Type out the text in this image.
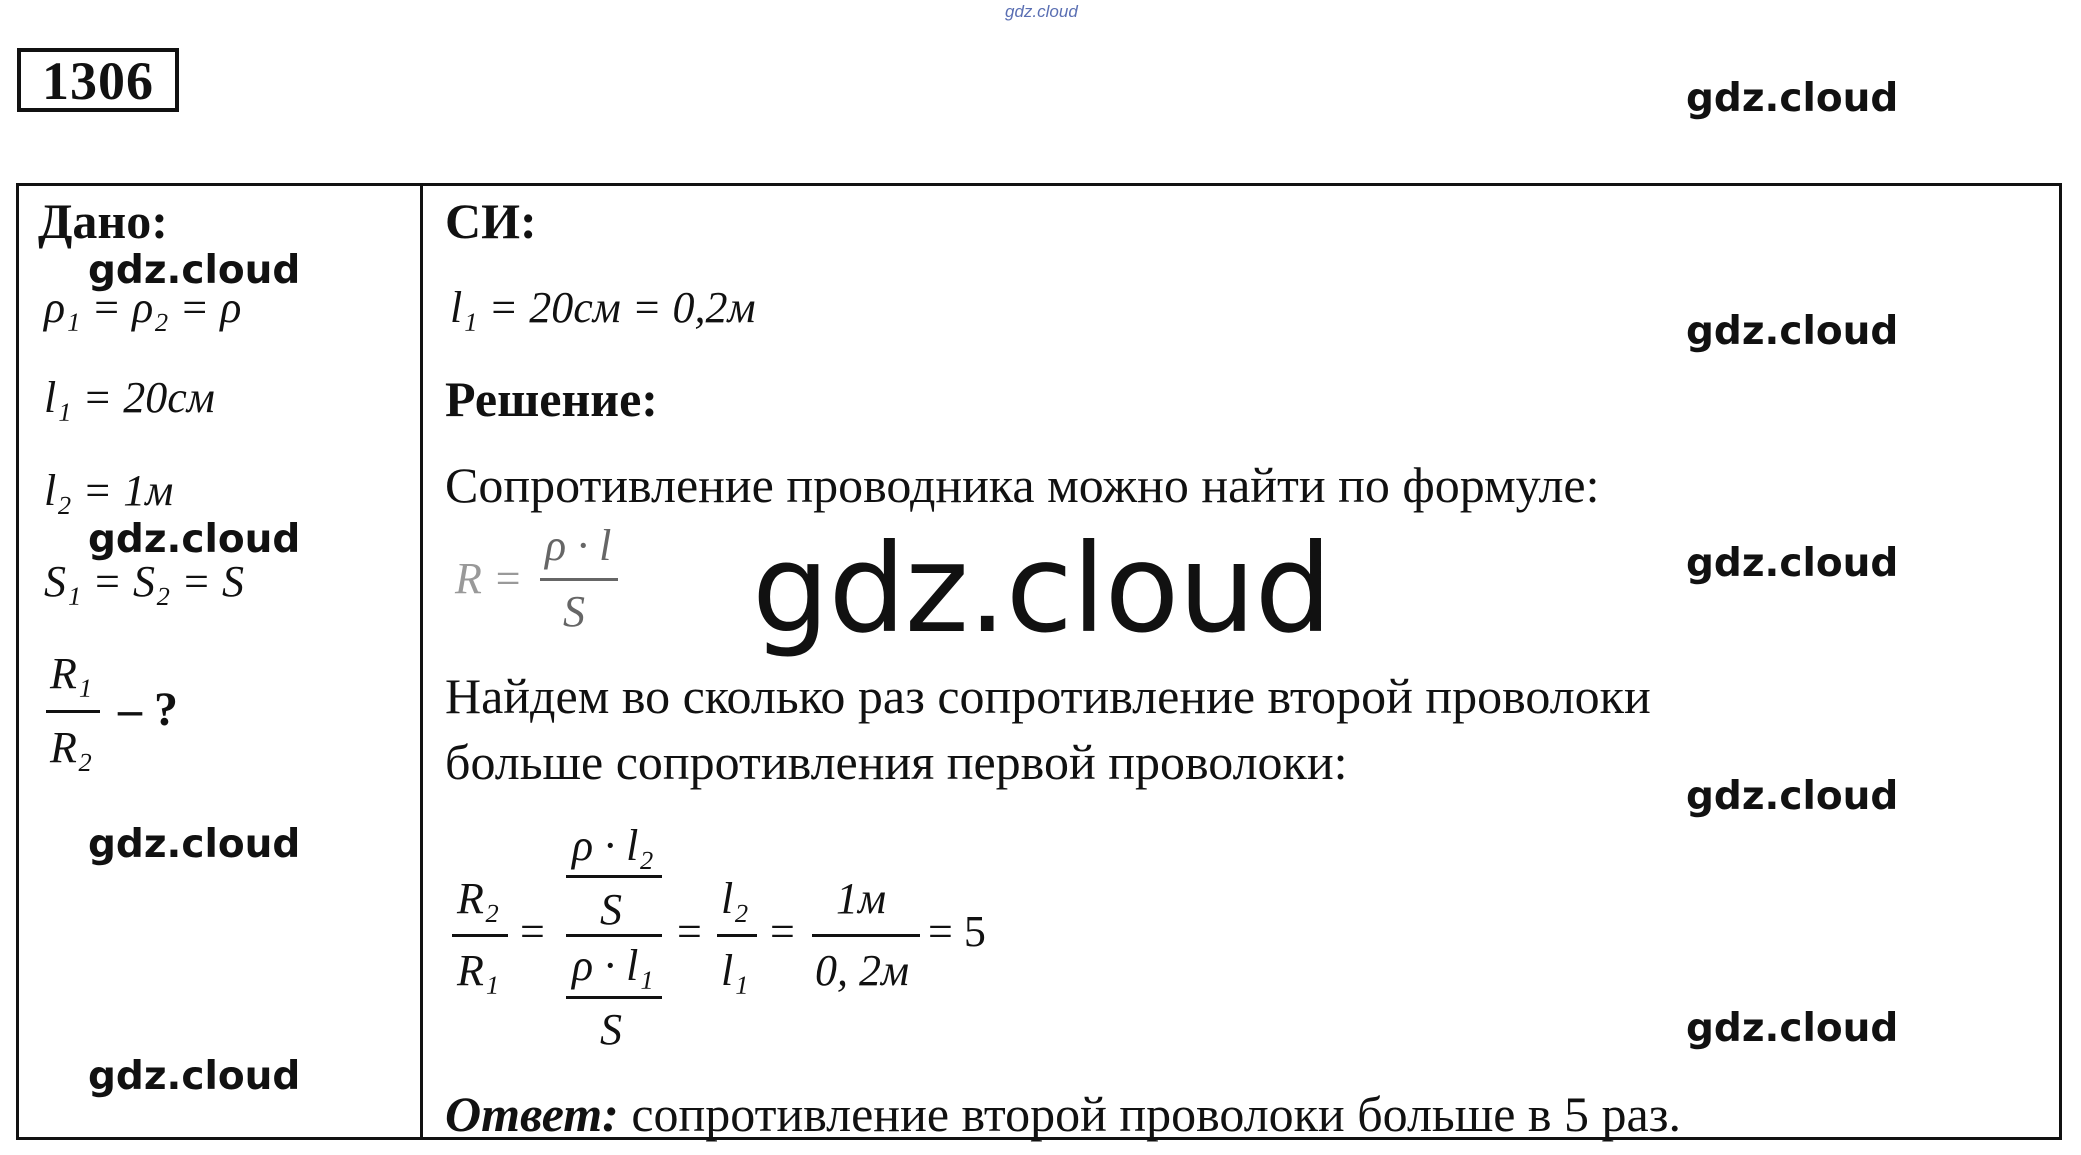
gdz.cloud
1306
Дано:
ρ₁ = ρ₂ = ρ
l₁ = 20см
l₂ = 1м
S₁ = S₂ = S
R₁
R₂
– ?
СИ:
l₁ = 20см = 0,2м
Решение:
Сопротивление проводника можно найти по формуле:
R =
ρ · l
S
Найдем во сколько раз сопротивление второй проволоки
больше сопротивления первой проволоки:
R₂
R₁
=
ρ · l₂
S
ρ · l₁
S
=
l₂
l₁
=
1м
0, 2м
= 5
Ответ: сопротивление второй проволоки больше в 5 раз.
gdz.cloud
gdz.cloud
gdz.cloud
gdz.cloud
gdz.cloud
gdz.cloud
gdz.cloud
gdz.cloud
gdz.cloud
gdz.cloud
